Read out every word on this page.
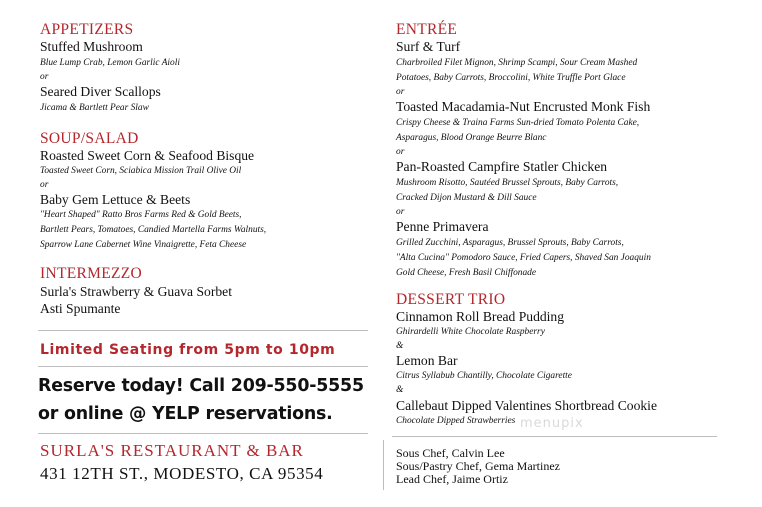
APPETIZERS
Stuffed Mushroom
Blue Lump Crab, Lemon Garlic Aioli
or
Seared Diver Scallops
Jicama & Bartlett Pear Slaw
SOUP/SALAD
Roasted Sweet Corn & Seafood Bisque
Toasted Sweet Corn, Sciabica Mission Trail Olive Oil
or
Baby Gem Lettuce & Beets
"Heart Shaped" Ratto Bros Farms Red & Gold Beets,
Bartlett Pears, Tomatoes, Candied Martella Farms Walnuts,
Sparrow Lane Cabernet Wine Vinaigrette, Feta Cheese
INTERMEZZO
Surla's Strawberry & Guava Sorbet
Asti Spumante
Limited Seating from 5pm to 10pm
Reserve today! Call 209-550-5555
or online @ YELP reservations.
SURLA'S RESTAURANT & BAR
431 12TH ST., MODESTO, CA 95354
ENTRÉE
Surf & Turf
Charbroiled Filet Mignon, Shrimp Scampi, Sour Cream Mashed
Potatoes, Baby Carrots, Broccolini, White Truffle Port Glace
or
Toasted Macadamia-Nut Encrusted Monk Fish
Crispy Cheese & Traina Farms Sun-dried Tomato Polenta Cake,
Asparagus, Blood Orange Beurre Blanc
or
Pan-Roasted Campfire Statler Chicken
Mushroom Risotto, Sautéed Brussel Sprouts, Baby Carrots,
Cracked Dijon Mustard & Dill Sauce
or
Penne Primavera
Grilled Zucchini, Asparagus, Brussel Sprouts, Baby Carrots,
"Alta Cucina" Pomodoro Sauce, Fried Capers, Shaved San Joaquin
Gold Cheese, Fresh Basil Chiffonade
DESSERT TRIO
Cinnamon Roll Bread Pudding
Ghirardelli White Chocolate Raspberry
&
Lemon Bar
Citrus Syllabub Chantilly, Chocolate Cigarette
&
Callebaut Dipped Valentines Shortbread Cookie
Chocolate Dipped Strawberries menupix
Sous Chef, Calvin Lee
Sous/Pastry Chef, Gema Martinez
Lead Chef, Jaime Ortiz
